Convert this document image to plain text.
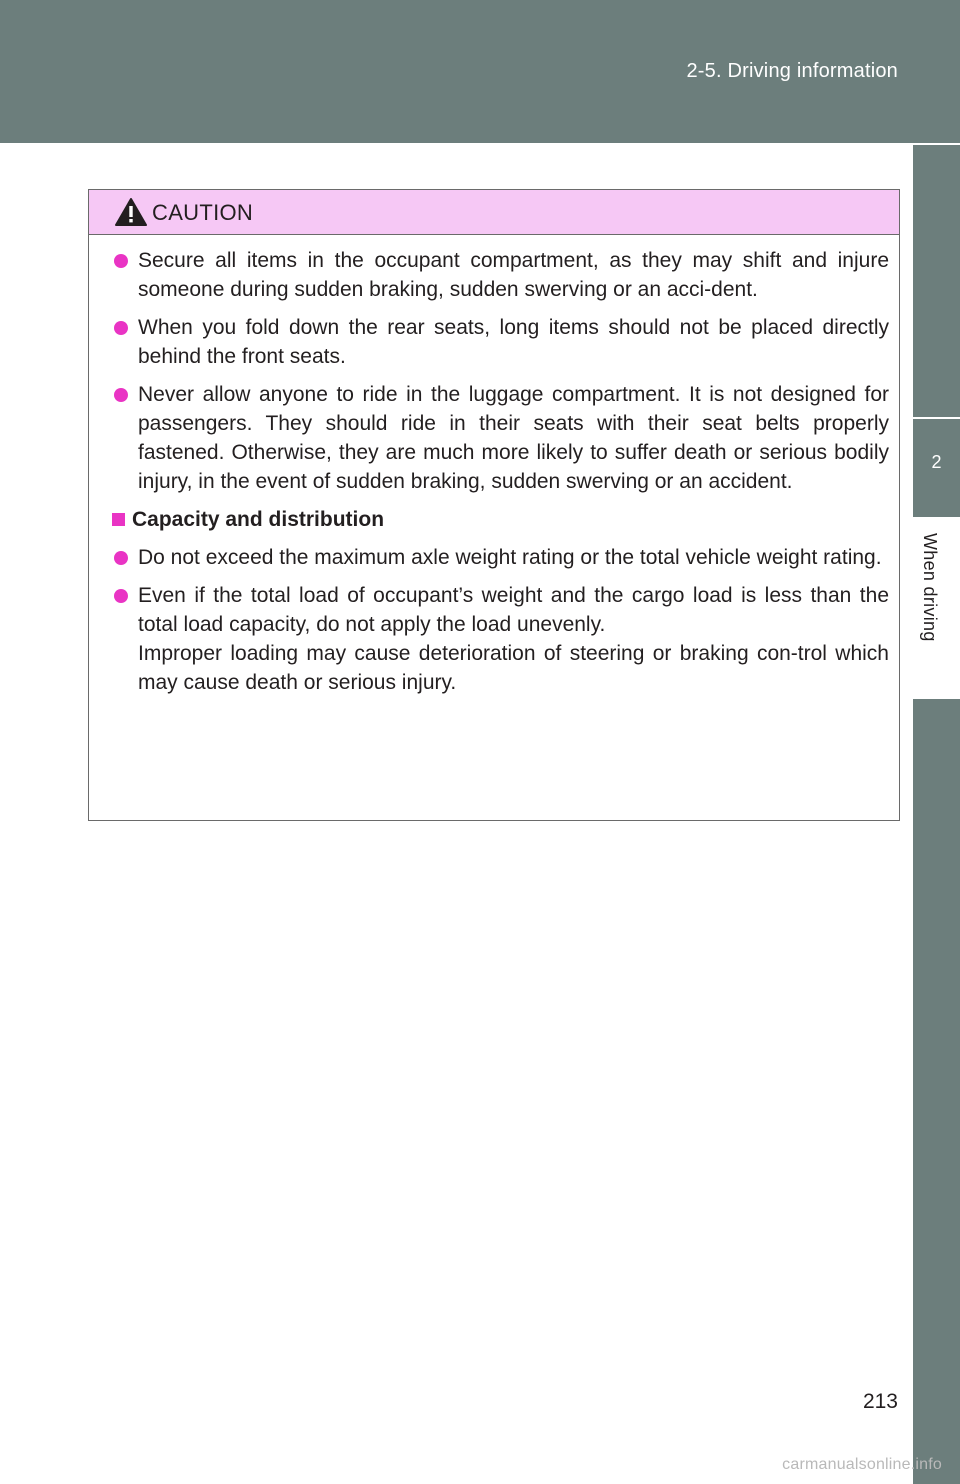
2-5. Driving information
2
When driving
CAUTION
Secure all items in the occupant compartment, as they may shift and injure someone during sudden braking, sudden swerving or an acci-dent.
When you fold down the rear seats, long items should not be placed directly behind the front seats.
Never allow anyone to ride in the luggage compartment. It is not designed for passengers. They should ride in their seats with their seat belts properly fastened. Otherwise, they are much more likely to suffer death or serious bodily injury, in the event of sudden braking, sudden swerving or an accident.
Capacity and distribution
Do not exceed the maximum axle weight rating or the total vehicle weight rating.
Even if the total load of occupant’s weight and the cargo load is less than the total load capacity, do not apply the load unevenly.
Improper loading may cause deterioration of steering or braking con-trol which may cause death or serious injury.
213
carmanualsonline.info
